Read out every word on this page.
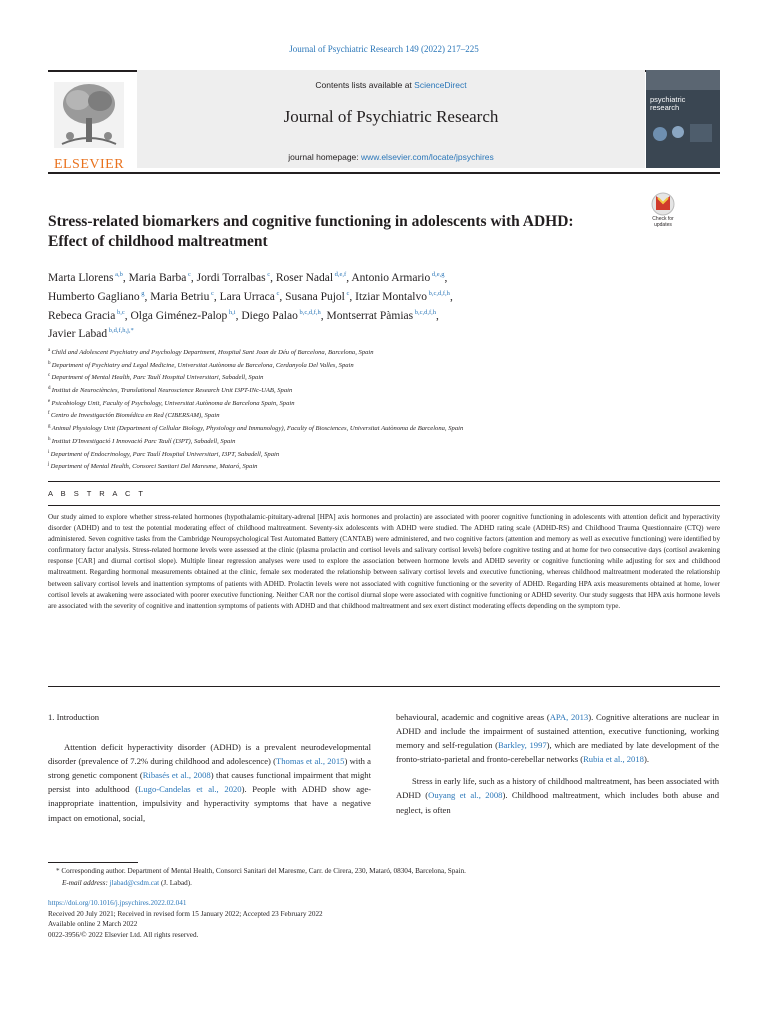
Journal of Psychiatric Research 149 (2022) 217–225
ELSEVIER
Contents lists available at ScienceDirect
Journal of Psychiatric Research
journal homepage: www.elsevier.com/locate/jpsychires
psychiatric
research
Stress-related biomarkers and cognitive functioning in adolescents with ADHD: Effect of childhood maltreatment
Check for
updates
Marta Llorens $^{a,b}$, Maria Barba $^c$, Jordi Torralbas $^c$, Roser Nadal $^{d,e,f}$, Antonio Armario $^{d,e,g}$,
Humberto Gagliano $^g$, Maria Betriu $^c$, Lara Urraca $^c$, Susana Pujol $^c$, Itziar Montalvo $^{b,c,d,f,h}$,
Rebeca Gracia $^{b,c}$, Olga Giménez-Palop $^{h,i}$, Diego Palao $^{b,c,d,f,h}$, Montserrat Pàmias $^{b,c,d,f,h}$,
Javier Labad $^{b,d,f,h,j,*}$
$^a$ Child and Adolescent Psychiatry and Psychology Department, Hospital Sant Joan de Déu of Barcelona, Barcelona, Spain
$^b$ Department of Psychiatry and Legal Medicine, Universitat Autònoma de Barcelona, Cerdanyola Del Valles, Spain
$^c$ Department of Mental Health, Parc Taulí Hospital Universitari, Sabadell, Spain
$^d$ Institut de Neurociències, Translational Neuroscience Research Unit I3PT-INc-UAB, Spain
$^e$ Psicobiology Unit, Faculty of Psychology, Universitat Autònoma de Barcelona Spain, Spain
$^f$ Centro de Investigación Biomédica en Red (CIBERSAM), Spain
$^g$ Animal Physiology Unit (Department of Cellular Biology, Physiology and Immunology), Faculty of Biosciences, Universitat Autònoma de Barcelona, Spain
$^h$ Institut D'Investigació I Innovació Parc Taulí (I3PT), Sabadell, Spain
$^i$ Department of Endocrinology, Parc Taulí Hospital Universitari, I3PT, Sabadell, Spain
$^j$ Department of Mental Health, Consorci Sanitari Del Maresme, Mataró, Spain
A B S T R A C T
Our study aimed to explore whether stress-related hormones (hypothalamic-pituitary-adrenal [HPA] axis hormones and prolactin) are associated with poorer cognitive functioning in adolescents with attention deficit and hyperactivity disorder (ADHD) and to test the potential moderating effect of childhood maltreatment. Seventy-six adolescents with ADHD were studied. The ADHD rating scale (ADHD-RS) and Childhood Trauma Questionnaire (CTQ) were administered. Seven cognitive tasks from the Cambridge Neuropsychological Test Automated Battery (CANTAB) were administered, and two cognitive factors (attention and memory as well as executive functioning) were identified by confirmatory factor analysis. Stress-related hormone levels were assessed at the clinic (plasma prolactin and cortisol levels and salivary cortisol levels) before cognitive testing and at home for two consecutive days (cortisol awakening response [CAR] and diurnal cortisol slope). Multiple linear regression analyses were used to explore the association between hormone levels and ADHD severity or cognitive functioning while adjusting for sex and childhood maltreatment. Regarding hormonal measurements obtained at the clinic, female sex moderated the relationship between salivary cortisol levels and executive functioning, whereas childhood maltreatment moderated the relationship between salivary cortisol levels and inattention symptoms of patients with ADHD. Prolactin levels were not associated with cognitive functioning or the severity of ADHD. Regarding HPA axis measurements obtained at home, lower cortisol levels at awakening were associated with poorer executive functioning. Neither CAR nor the cortisol diurnal slope were associated with cognitive functioning or ADHD severity. Our study suggests that HPA axis hormone levels are associated with the severity of cognitive and inattention symptoms of patients with ADHD and that childhood maltreatment and sex exert distinct moderating effects depending on the symptom type.

1. Introduction

Attention deficit hyperactivity disorder (ADHD) is a prevalent neurodevelopmental disorder (prevalence of 7.2% during childhood and adolescence) (Thomas et al., 2015) with a strong genetic component (Ribasés et al., 2008) that causes functional impairment that might persist into adulthood (Lugo-Candelas et al., 2020). People with ADHD show age-inappropriate inattention, impulsivity and hyperactivity symptoms that have a negative impact on emotional, social,

behavioural, academic and cognitive areas (APA, 2013). Cognitive alterations are nuclear in ADHD and include the impairment of sustained attention, executive functioning, working memory and self-regulation (Barkley, 1997), which are mediated by late development of the fronto-striato-parietal and fronto-cerebellar networks (Rubia et al., 2018).

Stress in early life, such as a history of childhood maltreatment, has been associated with ADHD (Ouyang et al., 2008). Childhood maltreatment, which includes both abuse and neglect, is often

* Corresponding author. Department of Mental Health, Consorci Sanitari del Maresme, Carr. de Cirera, 230, Mataró, 08304, Barcelona, Spain.
E-mail address: jlabad@csdm.cat (J. Labad).
https://doi.org/10.1016/j.jpsychires.2022.02.041
Received 20 July 2021; Received in revised form 15 January 2022; Accepted 23 February 2022
Available online 2 March 2022
0022-3956/© 2022 Elsevier Ltd. All rights reserved.
